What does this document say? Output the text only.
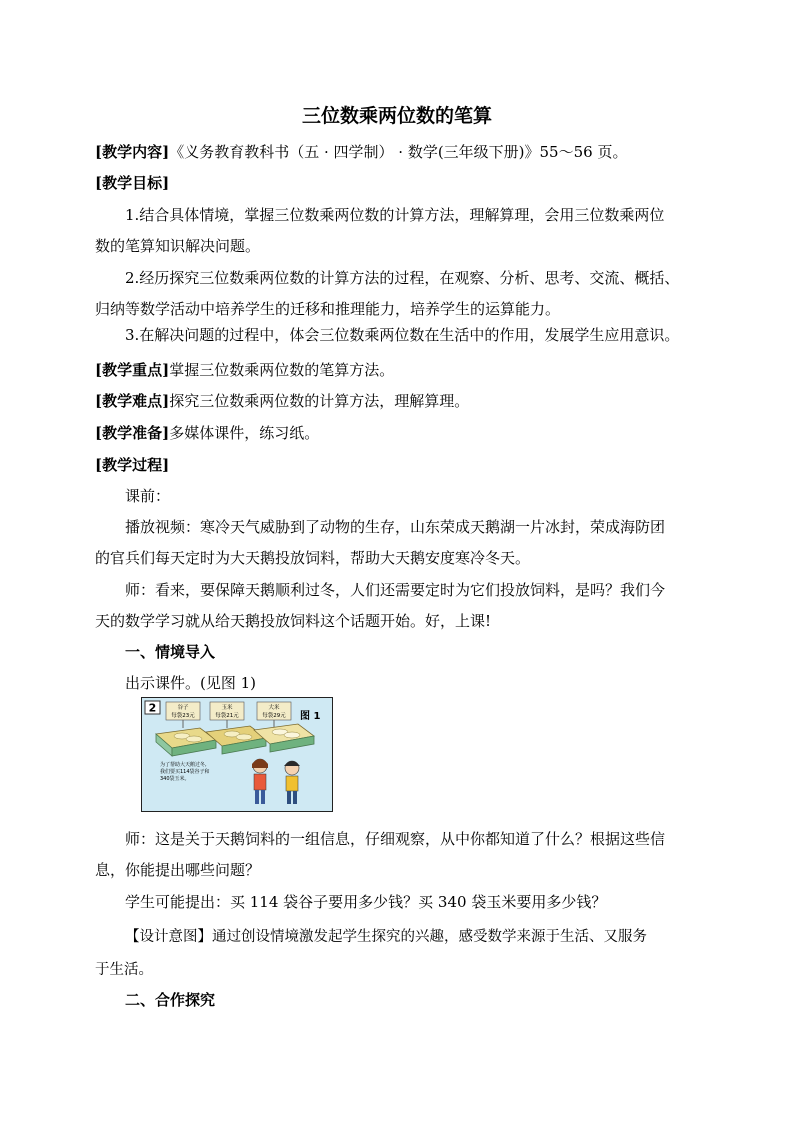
三位数乘两位数的笔算
[教学内容]《义务教育教科书（五 · 四学制） · 数学(三年级下册)》55～56 页。
[教学目标]
1.结合具体情境，掌握三位数乘两位数的计算方法，理解算理，会用三位数乘两位
数的笔算知识解决问题。
2.经历探究三位数乘两位数的计算方法的过程，在观察、分析、思考、交流、概括、
归纳等数学活动中培养学生的迁移和推理能力，培养学生的运算能力。
3.在解决问题的过程中，体会三位数乘两位数在生活中的作用，发展学生应用意识。
[教学重点]掌握三位数乘两位数的笔算方法。
[教学难点]探究三位数乘两位数的计算方法，理解算理。
[教学准备]多媒体课件，练习纸。
[教学过程]
课前：
播放视频：寒冷天气威胁到了动物的生存，山东荣成天鹅湖一片冰封，荣成海防团
的官兵们每天定时为大天鹅投放饲料，帮助大天鹅安度寒冷冬天。
师：看来，要保障天鹅顺利过冬，人们还需要定时为它们投放饲料，是吗？我们今
天的数学学习就从给天鹅投放饲料这个话题开始。好，上课!
一、情境导入
出示课件。(见图 1)
2	谷子
每袋23元
玉米
每袋21元
大米
每袋29元 图 1
为了帮助大天鹅过冬,
我们要买114袋谷子和
340袋玉米。
师：这是关于天鹅饲料的一组信息，仔细观察，从中你都知道了什么？根据这些信
息，你能提出哪些问题？
学生可能提出：买 114 袋谷子要用多少钱？买 340 袋玉米要用多少钱？
【设计意图】通过创设情境激发起学生探究的兴趣，感受数学来源于生活、又服务
于生活。
二、合作探究
